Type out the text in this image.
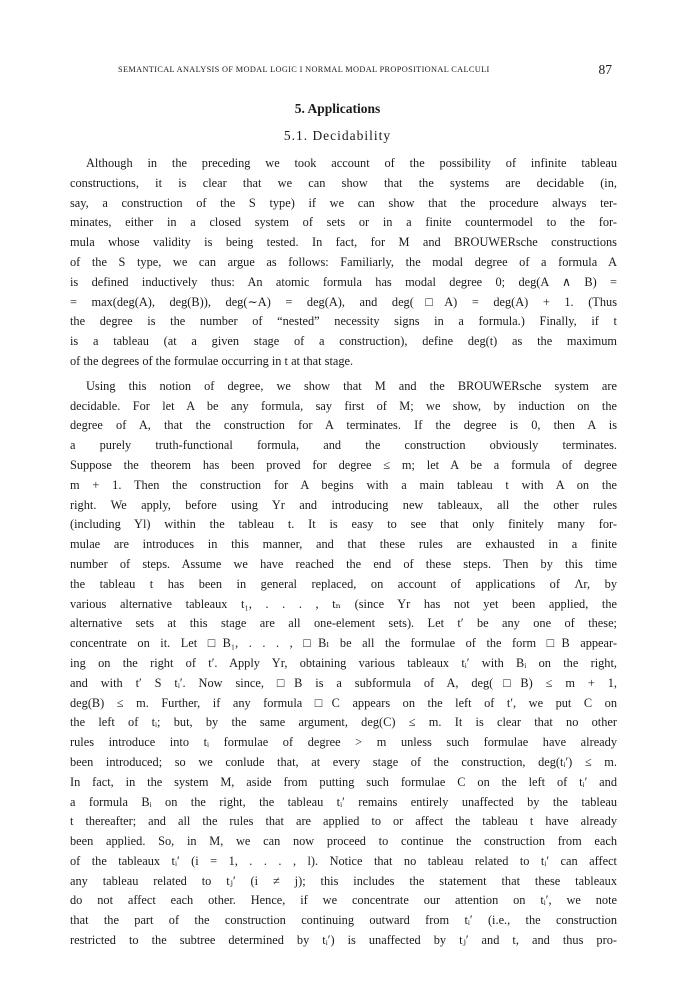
SEMANTICAL ANALYSIS OF MODAL LOGIC I NORMAL MODAL PROPOSITIONAL CALCULI	87
5. Applications
5.1. Decidability
Although in the preceding we took account of the possibility of infinite tableau
constructions, it is clear that we can show that the systems are decidable (in,
say, a construction of the S type) if we can show that the procedure always ter-
minates, either in a closed system of sets or in a finite countermodel to the for-
mula whose validity is being tested. In fact, for M and BROUWERsche constructions
of the S type, we can argue as follows: Familiarly, the modal degree of a formula A
is defined inductively thus: An atomic formula has modal degree 0; deg(A ∧ B) =
= max(deg(A), deg(B)), deg(∼A) = deg(A), and deg(□A) = deg(A) + 1. (Thus
the degree is the number of “nested” necessity signs in a formula.) Finally, if t
is a tableau (at a given stage of a construction), define deg(t) as the maximum
of the degrees of the formulae occurring in t at that stage.
Using this notion of degree, we show that M and the BROUWERsche system are
decidable. For let A be any formula, say first of M; we show, by induction on the
degree of A, that the construction for A terminates. If the degree is 0, then A is
a purely truth-functional formula, and the construction obviously terminates.
Suppose the theorem has been proved for degree ≤ m; let A be a formula of degree
m + 1. Then the construction for A begins with a main tableau t with A on the
right. We apply, before using Yr and introducing new tableaux, all the other rules
(including Yl) within the tableau t. It is easy to see that only finitely many for-
mulae are introduces in this manner, and that these rules are exhausted in a finite
number of steps. Assume we have reached the end of these steps. Then by this time
the tableau t has been in general replaced, on account of applications of Λr, by
various alternative tableaux t₁, . . . , tₙ (since Yr has not yet been applied, the
alternative sets at this stage are all one-element sets). Let t′ be any one of these;
concentrate on it. Let □B₁, . . . , □Bₗ be all the formulae of the form □B appear-
ing on the right of t′. Apply Yr, obtaining various tableaux tᵢ′ with Bᵢ on the right,
and with t′ S tᵢ′. Now since, □B is a subformula of A, deg(□B) ≤ m + 1,
deg(B) ≤ m. Further, if any formula □C appears on the left of t′, we put C on
the left of tᵢ; but, by the same argument, deg(C) ≤ m. It is clear that no other
rules introduce into tᵢ formulae of degree > m unless such formulae have already
been introduced; so we conlude that, at every stage of the construction, deg(tᵢ′) ≤ m.
In fact, in the system M, aside from putting such formulae C on the left of tᵢ′ and
a formula Bᵢ on the right, the tableau tᵢ′ remains entirely unaffected by the tableau
t thereafter; and all the rules that are applied to or affect the tableau t have already
been applied. So, in M, we can now proceed to continue the construction from each
of the tableaux tᵢ′ (i = 1, . . . , l). Notice that no tableau related to tᵢ′ can affect
any tableau related to tⱼ′ (i ≠ j); this includes the statement that these tableaux
do not affect each other. Hence, if we concentrate our attention on tᵢ′, we note
that the part of the construction continuing outward from tᵢ′ (i.e., the construction
restricted to the subtree determined by tᵢ′) is unaffected by tⱼ′ and t, and thus pro-
